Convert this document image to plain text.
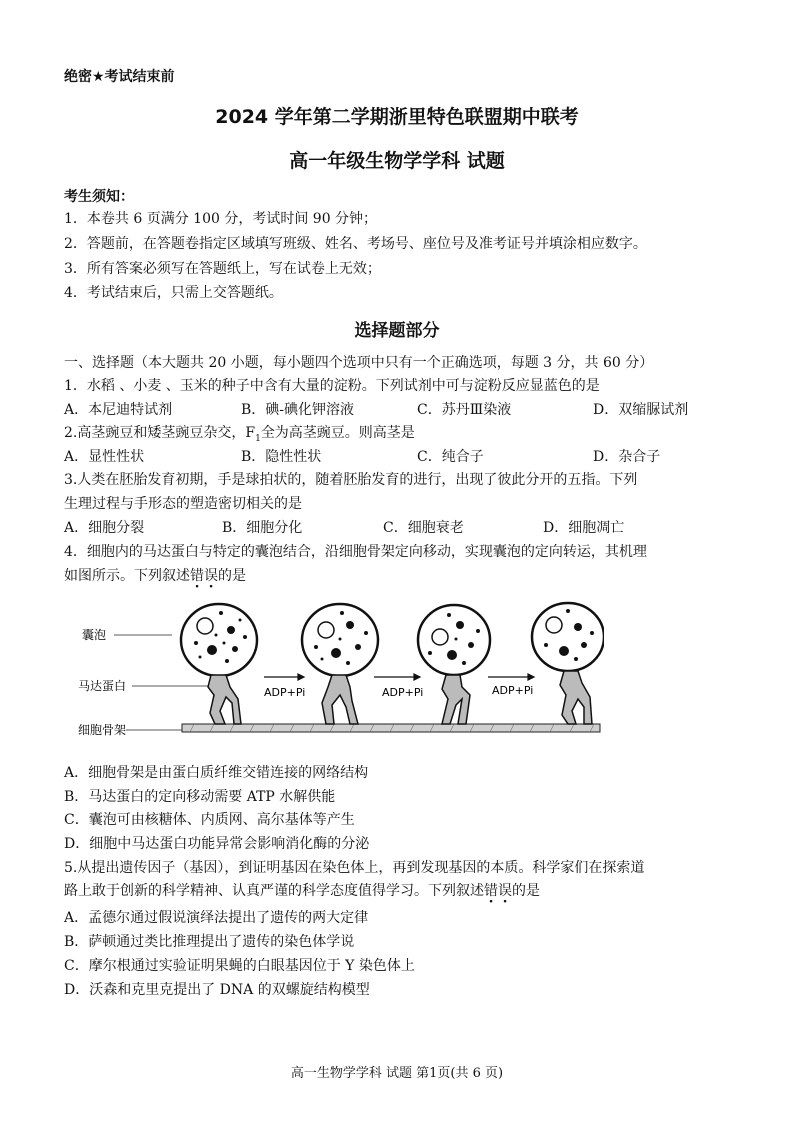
绝密★考试结束前
2024 学年第二学期浙里特色联盟期中联考
高一年级生物学学科 试题
考生须知：
1．本卷共 6 页满分 100 分，考试时间 90 分钟；
2．答题前，在答题卷指定区域填写班级、姓名、考场号、座位号及准考证号并填涂相应数字。
3．所有答案必须写在答题纸上，写在试卷上无效；
4．考试结束后，只需上交答题纸。
选择题部分
一、选择题（本大题共 20 小题，每小题四个选项中只有一个正确选项，每题 3 分，共 60 分）
1．水稻 、小麦 、玉米的种子中含有大量的淀粉。下列试剂中可与淀粉反应显蓝色的是
A．本尼迪特试剂	B．碘-碘化钾溶液	C．苏丹Ⅲ染液	D．双缩脲试剂
2.高茎豌豆和矮茎豌豆杂交，$F_1$全为高茎豌豆。则高茎是
A．显性性状	B．隐性性状	C．纯合子	D．杂合子
3.人类在胚胎发育初期，手是球拍状的，随着胚胎发育的进行，出现了彼此分开的五指。下列
生理过程与手形态的塑造密切相关的是
A．细胞分裂	B．细胞分化	C．细胞衰老	D．细胞凋亡
4．细胞内的马达蛋白与特定的囊泡结合，沿细胞骨架定向移动，实现囊泡的定向转运，其机理
如图所示。下列叙述错误的是
囊泡
马达蛋白
细胞骨架
ADP+Pi	ADP+Pi	ADP+Pi
A．细胞骨架是由蛋白质纤维交错连接的网络结构
B．马达蛋白的定向移动需要 ATP 水解供能
C．囊泡可由核糖体、内质网、高尔基体等产生
D．细胞中马达蛋白功能异常会影响消化酶的分泌
5.从提出遗传因子（基因），到证明基因在染色体上，再到发现基因的本质。科学家们在探索道
路上敢于创新的科学精神、认真严谨的科学态度值得学习。下列叙述错误的是
A．孟德尔通过假说演绎法提出了遗传的两大定律
B．萨顿通过类比推理提出了遗传的染色体学说
C．摩尔根通过实验证明果蝇的白眼基因位于 Y 染色体上
D．沃森和克里克提出了 DNA 的双螺旋结构模型
高一生物学学科 试题 第1页(共 6 页)
